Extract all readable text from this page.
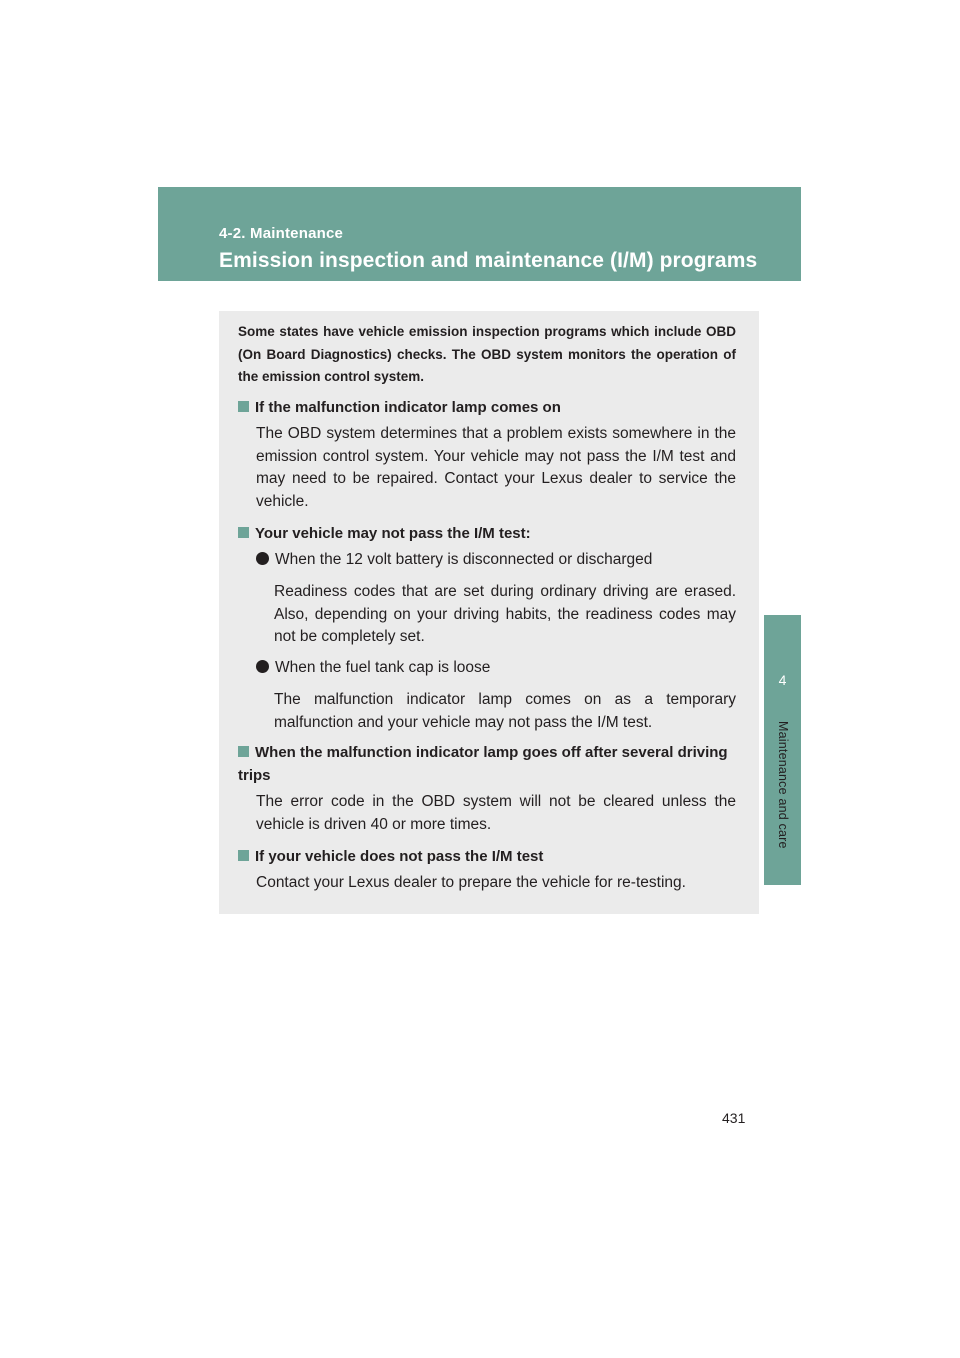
4-2. Maintenance
Emission inspection and maintenance (I/M) programs
4
Maintenance and care

Some states have vehicle emission inspection programs which include OBD (On Board Diagnostics) checks. The OBD system monitors the operation of the emission control system.

If the malfunction indicator lamp comes on

The OBD system determines that a problem exists somewhere in the emission control system. Your vehicle may not pass the I/M test and may need to be repaired. Contact your Lexus dealer to service the vehicle.

Your vehicle may not pass the I/M test:
When the 12 volt battery is disconnected or discharged

Readiness codes that are set during ordinary driving are erased. Also, depending on your driving habits, the readiness codes may not be completely set.

When the fuel tank cap is loose

The malfunction indicator lamp comes on as a temporary malfunction and your vehicle may not pass the I/M test.

When the malfunction indicator lamp goes off after several driving trips

The error code in the OBD system will not be cleared unless the vehicle is driven 40 or more times.

If your vehicle does not pass the I/M test

Contact your Lexus dealer to prepare the vehicle for re-testing.

431
